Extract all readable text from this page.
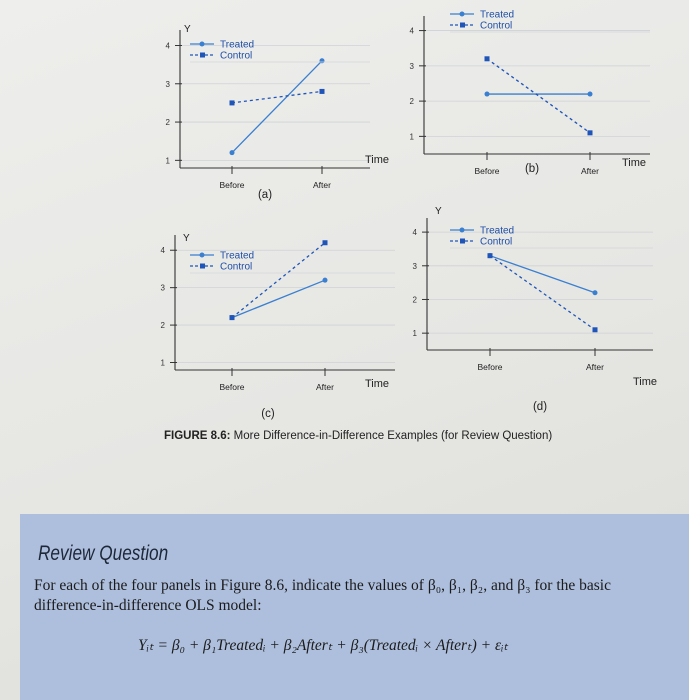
1
2
3
4
Y
Before	After
Time
Treated
Control
(a)
1
2
3
4
Before	After
Time
Treated
Control
(b)
1
2
3
4
Y
Before	After	Time
Treated
Control
(c)
1
2
3
4
Y
Before	After
Time
Treated
Control
(d)
FIGURE 8.6: More Difference-in-Difference Examples (for Review Question)
Review Question
For each of the four panels in Figure 8.6, indicate the values of β₀, β₁, β₂, and β₃ for the basic difference-in-difference OLS model:
Yᵢₜ = β₀ + β₁Treatedᵢ + β₂Afterₜ + β₃(Treatedᵢ × Afterₜ) + εᵢₜ
